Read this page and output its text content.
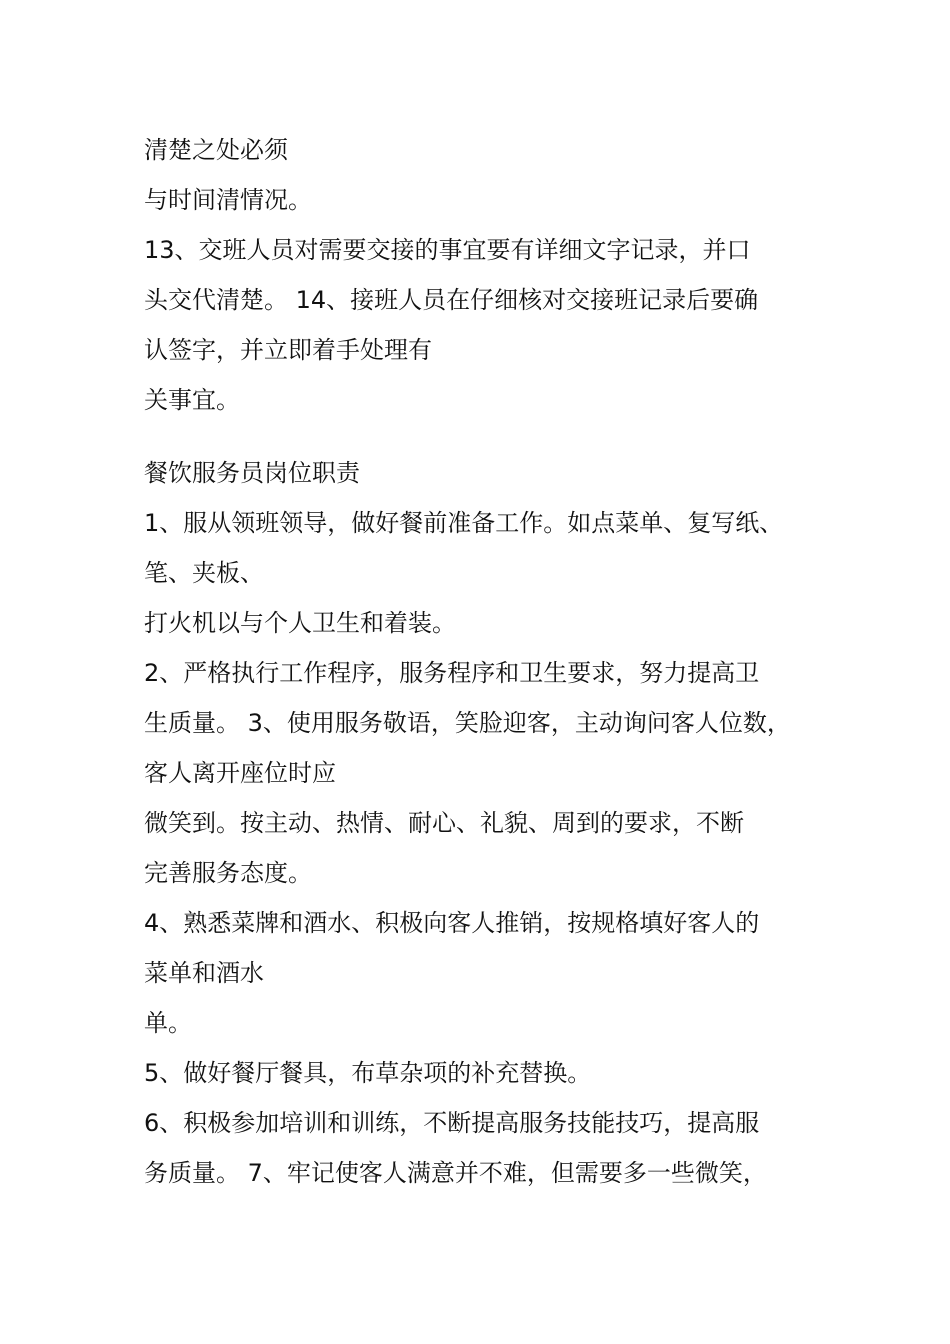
清楚之处必须
与时间清情况。
13、交班人员对需要交接的事宜要有详细文字记录，并口
头交代清楚。 14、接班人员在仔细核对交接班记录后要确
认签字，并立即着手处理有
关事宜。
餐饮服务员岗位职责
1、服从领班领导，做好餐前准备工作。如点菜单、复写纸、
笔、夹板、
打火机以与个人卫生和着装。
2、严格执行工作程序，服务程序和卫生要求，努力提高卫
生质量。 3、使用服务敬语，笑脸迎客，主动询问客人位数，
客人离开座位时应
微笑到。按主动、热情、耐心、礼貌、周到的要求，不断
完善服务态度。
4、熟悉菜牌和酒水、积极向客人推销，按规格填好客人的
菜单和酒水
单。
5、做好餐厅餐具，布草杂项的补充替换。
6、积极参加培训和训练，不断提高服务技能技巧，提高服
务质量。 7、牢记使客人满意并不难，但需要多一些微笑，
